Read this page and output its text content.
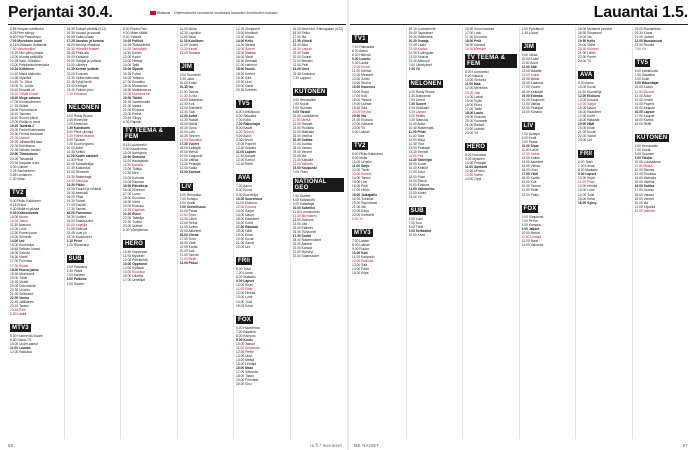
Perjantai 30.4.	Elokuva Ohjelmatiedot seuraavat muutoksia kanavien ilmoitusten mukaan
5.55 Kimpan vahtikoira
6.25 Pien sämpy
6.50 Peik Pannotopu
7.00 Myvoksen kunti
8.15 Kotikkaan vinttiaivät
7.30 Vahvintelijat
10.24 Niin pitiin piiristä
12.00 Munaa peltisilllä
12.35 Sala. Julkaistu
12.00 Pelinlaskurimiesjoita
12.24 Keltainen
14.10 Mistä hätkinkin
14.35 Mystiikä
14.40 Tv: Ottot
15.00 Tv: Juhlat
15.40 Roskatt oli
16.10 Tähtiä hinnat
16.40 Mega satama
17.00 Kuusisoiminen
17.15 Etiikat
18.00 Parhaimmat
18.10 Talvinen
18.40 Suuret päivä
19.00 Etelän ei anna
19.20 Tavaraa 2
20.00 Parkett tahmaava
20.30 Prinssi kuukausi
21.00 Uutiset
21.20 Jahatanillä tasa
22.00 Enträssina
22.35 Naisten tahato
22.50 Tilastoinnin
23.00 Taivaantä
23.30 Karjalan mies
0.00 Uutiset
0.25 Sankarivero
0.55 Luolainen
1.30 Villan
TV2

6.00 Pikku Kakkonen
8.15 Erkko
9.00 Mulla ei jaksaa
9.30 Kokoontumis
10.00 Kuoro
10.30 Jakso
11.30 Avaruus
12.00 Lumi
12.30 Pienet junat
13.00 Sienetär
14.00 Uni
15.00 Kunhanpa
15.45 Retkien kamut
16.00 Kalvuut
16.30 Viteät
17.00 Ponnista
17.30 Kissat
18.00 Huono jakso
18.30 Minivinssit
19.00 Tiede
19.30 Viestit
20.00 Dokumentti
20.30 Urheilu
21.00 Seikkailut
22.00 Vanha
22.45 Jättiläinen
23.10 Tanssi
23.45 Pelit
0.30 Laulut
MTV3

6.00 Huomenta Suomi
9.30 Ostos-TV
10.00 Uudet aamut
11.00 Lounas
12.00 Rakkaus
15.30 Sukset vähtäät (K12)
16.30 Housut ja vauvat
16.55 Kaikki ollaan
17.25 Jaostuu ja kotona
18.00 Mennyt maailma
18.30 Hämeen teatteri
18.45 Pinta-ala
19.00 Kahdesti
20.00 Tutkijat ja ystävät
21.00 Lähetys
21.30 Kerran ystävät
22.00 Ennusta
22.30 Seitsemäntoista
22.45 Tyhjä tontti
23.00 Kertojat
23.40 Poikien järvi
0.10 Kanavan
NELONEN

6.00 Rosty Ruoks
6.45 Riverside
7.00 Amerikan
7.30 Koiratoimi
8.00 Pieni siivoaja
8.30 Vihreä asema
9.00 Taivaan
9.30 Suuri leipomo
10.00 Autot
10.30 Keittiö
11.00 Kodin sankarit
11.30 Pihat
12.00 Talotaiteilijat
12.30 Katsastus
13.00 Remontti
13.30 Rakentajat
14.00 Sisustus
14.30 Pikku
15.00 Kauniit ja rohkeat
15.30 Ammatti
16.00 Pihat
16.30 Tuliset
17.00 Etsivät
17.30 Tarinat
18.00 Paremmin
18.30 Uutiset
19.00 Salaisuudet
20.00 Kirjailija
21.00 Elokuva
22.45 Uusi yö
23.15 Kadonneet
0.10 Pelot
1.00 Rikosvarjo
SUB

6.00 Kissakuu
6.30 Päivä
7.00 Aarteen
8.00 Palkinto
9.00 Saaren
8.30 Pukko Pelo
9.00 Miten täältä
9.30 Ystäviä
10.00 Poliisit
10.30 Turkiskenttä
11.00 Tarinatyttö
11.30 Kahvio
12.00 Kodin
13.00 Hoitaja
14.00 Tyttö
15.00 Sijainti
15.30 Poliisi
16.00 Tutkaus
17.00 Ennakko
18.00 Maanmies
18.30 Matkanseura
19.00 Nukkavierut
20.00 Tähtiä
20.30 Vasemmalla
21.00 Vaaka
22.00 Elokuva
23.00 Pelinä
23.45 Väsyy
0.30 Rajoitin
TV TEEMA & FEM

8.15 Luontoretki
9.00 Kasviheimo
10.00 Aamujuna
10.30 Sinfonia
11.00 Hautajaiset
11.30 Kahvila
12.00 Tutkija
12.30 Meri
13.00 Kotimaa
14.00 Rauhaa
15.00 Päiväkirja
16.00 Kiireinen
17.00 Lumo
18.00 Kuuluisa
18.30 Virret
19.00 Elokuva
20.30 Ohjelma
21.00 Runo
22.00 Taiteilija
22.30 Tuokio
23.00 Uutiset
0.00 Yöohjelmaa
HERO

10.40 Hoppeaan
11.00 Mysteeri
12.00 Pelinkehät
13.00 Oppitunti
14.00 Kylässä
15.00 Kuuluisa
16.00 Liiketila
17.00 Urheilijat
10.00 Mulla
10.30 Lapsikin
11.00 Siinä
11.30 Kuollinen
12.00 Uniset
12.30 Kevät
13.00 Ruoska
JIM

9.00 Suomiset
9.30 Jalat
10.00 Kokki
10.30 Iso
11.00 Tarinat
11.30 Juhlia
12.00 Maaseutu
12.30 Koti
13.00 Arkkitehti
13.30 Sää
14.00 Autot
14.30 Raidat
15.00 Mökki
15.30 Opus
16.00 Lohi
16.30 Sininen
17.00 Rannalla
17.30 Vuoret
18.00 Keittäjät
19.00 Metsä
20.00 Kaupunki
21.00 Valtias
21.30 Pelaajat
22.00 Kadut
23.00 Kanava
LIV

6.00 Rempalla
7.00 Kotiapu
8.00 Kodin
9.00 Onnellisuus
10.00 Paras
11.00 Sisar
12.00 Lähiö
13.00 Heinä
14.00 Kolme
15.00 Askeleet
16.00 Vieras
17.00 Ovet
18.00 Värit
19.00 Kartta
20.00 Koti
21.00 Tarinat
22.00 Reitit
23.00 Paluu
12.25 Simpsonit
13.00 Moottorit
13.30 Viikon
14.00 Kello
14.30 Metsät
15.00 Soturit
15.30 Mainos
16.00 Virrat
16.30 Ammatit
17.00 Hahmot
18.00 Huuto
18.30 Kerhot
19.00 Sää
19.30 Uusi
20.00 Vaihe
20.30 Kohteet
TV5

6.00 Leikkikoulu
6.30 Satuaika
7.00 Kokit
7.30 Rakentajat
8.00 Kasvit
8.30 Siivous
9.00 Autot
9.30 Hirviöt
10.00 Paperit
10.30 Kirjasto
11.00 Lapset
11.30 Kaupat
12.00 Karhut
12.30 Reitti
AVA

7.00 Aamu
8.00 Kuvat
9.00 Kuuntelija
10.00 Suurennus
11.00 Elokuva
12.00 Kokous
13.00 Sarjat
14.00 Nauru
15.00 Raakileet
16.00 Kortit
17.00 Rakkaat
18.00 Häät
19.00 Kisat
20.00 Kuvat
21.00 Sanat
22.00 Uni
FRII

6.00 Toivo
7.00 Lomat
8.00 Matkailu
9.00 Lapset
10.00 Kirjat
11.00 Pihat
12.00 Hiekka
13.00 Lumi
14.00 Tuuli
15.00 Kesä
FOX

6.00 Huomenna
7.00 Iltapäivä
8.00 Kampus
9.00 Koulu
10.00 Jaksot
11.00 Simpsonit
12.00 Perhe
13.00 Uusi
14.00 Metsä
15.00 Lentäjä
16.00 Maat
17.00 Valvonta
18.00 Tilaus
19.00 Perinteet
20.00 Sivu
16.00 Next Idol: Erikoisjakso (K12)
16.30 Pelko
17.00 Ilta
17.30 Vihreä
18.00 Aika
18.30 Lapset
19.00 Salat
20.00 Suuret
21.00 Mestari
22.00 Pelit
23.00 Unet
23.45 Kaukana
0.30 Loppuu
KUTONEN

6.00 Herrasväki
7.00 Koirat
8.00 Suomen
9.00 Taistot
10.00 Lohikäärme
11.00 Metsä
12.00 Rannat
13.00 Ruokala
14.00 Matkalla
15.00 Vaellus
16.00 Sotilas
17.00 Juoksu
18.00 Varaus
19.00 Veneet
20.00 Ilta
21.00 Kilpailut
22.00 Vaiheet
23.00 Kaupunki
0.00 Yksin
NATIONAL GEO

7.00 Koneet
8.00 Katastrofit
9.00 Kalastajat
10.00 Sukellus
11.00 Lentokoneet
12.00 Muinainen
13.00 Avaruus
14.00 Jää
15.00 Eläimet
16.00 Tulivuoret
17.00 Sodat
18.00 Rakennukset
19.00 Aarteet
20.00 Kansat
21.00 Myrskyt
22.00 Salaisuudet
56	is.fi / menaiset
Lauantai 1.5.
TV1

7.10 Rakkautta
8.00 Aamu
8.30 Historia
9.00 Luonto
9.30 Laulut
10.00 Kuvat
11.00 Kiertue
12.00 Mestarit
13.00 Soitto
14.00 Ruoka
15.00 Kauneus
16.00 Kirjat
17.00 Koti
18.00 Tanssit
19.00 Uutiset
19.30 Sää
20.00 Seurat
20.30 Ilta
21.00 Elokuva
22.00 Katsaus
23.00 Yö
0.00 Uutiset
TV2

6.00 Pikku Kakkonen
9.00 Mulla
10.00 Urheilu
11.00 Sarja
12.00 Tiede
13.00 Kokeet
14.00 Tanssi
15.00 Live
16.00 Pelit
17.00 Hiihto
18.00 Jalkapallo
19.00 Tulokset
20.00 Reportaasi
21.00 Ilta
22.00 Sarja
23.00 Konsertti
0.00 Yö
MTV3

7.00 Lasten
8.00 Uutiset
9.00 Ruoka
10.00 Koti
11.00 Kaupunki
12.00 Elokuva
13.00 Sää
14.00 Palat
15.00 Kilpa
19.10 Luoksemme
19.40 Tapaukset
20.00 Halkeama
20.30 Osaaja
21.00 Laatu
22.00 Karhut
22.30 Kuningatar
23.00 Seurue
23.30 Aamuyö
0.00 Lähetykset
0.30 Yö
NELONEN

6.00 Rosty Ruoks
6.30 Aukeamat
7.00 Linnut
7.30 Suuret
8.00 Seikkailu
8.30 Lapset
9.00 Keittiö
9.30 Sisustus
10.00 Autot
10.30 Rakentajat
11.00 Pihat
11.30 Talot
12.00 Maja
12.30 Tilat
13.00 Pelaajat
13.30 Ihmiset
14.00 Peli
14.30 Taiteilijat
15.00 Kuvat
16.00 Keittiöt
17.00 Jutut
18.00 Pidot
19.00 Etsivä
20.00 Elokuva
21.00 Vaihtoehto
22.00 Kadut
23.00 Yö
SUB

6.00 Lumi
7.00 Kuu
8.00 Tähti
9.00 Seikkailut
10.00 Kivet
16.30 Sinun kanssa
17.00 Lintu
17.30 Kuuluisa
18.00 Pelit
18.30 Kanava
19.00 Mestarit
TV TEEMA & FEM

8.00 Luontoretki
9.00 Ikkunat
10.00 Sinfonia
11.00 Maa
12.00 Merimies
13.00 Joki
14.00 Laivat
15.00 Kylät
16.00 Runo
17.00 Taide
18.00 Laulu
19.00 Elokuva
20.00 Konsertti
21.00 Balladi
22.00 Uutiset
23.00 Yö
HERO

8.00 Kuuluisat
9.00 Mysteeri
10.00 Pelaajat
11.00 Sankarit
12.00 Urheilu
13.00 Vaihto
14.00 Oppi
1.00 Pyörätuoli
1.45 Luolat
JIM

9.00 Liikaa
10.00 Kokki
11.00 Autot
12.00 Sää
13.00 Maatila
14.00 Koirat
15.00 Mökki
16.00 Kalastus
17.00 Vuoret
18.00 Keittäjät
19.00 Erämaa
20.00 Kaupunki
21.00 Valtias
22.00 Pelaajat
23.00 Kanava
LIV

7.00 Kotiapu
8.00 Kodit
9.00 Paras
10.00 Sisar
11.00 Lähiö
12.00 Heinä
13.00 Kolme
14.00 Askeleet
15.00 Vieras
16.00 Ovet
17.00 Värit
18.00 Kartta
19.00 Koti
20.00 Tarinat
21.00 Reitit
22.00 Paluu
FOX

6.00 Simpsonit
7.00 Perhe
8.00 Kampus
9.00 Jaksot
10.00 Metsä
11.00 Lentäjä
12.00 Maat
13.00 Valvonta
18.00 Modernit perheet
18.30 Simpsonit
19.00 Ilta
19.30 Kello
20.00 Vaihe
20.30 Kohteet
21.00 Lähtö
22.00 Perhe
23.00 Yö
AVA

9.00 Aamu
10.00 Kuvat
11.00 Kuuntelija
12.00 Elokuva
13.00 Kokous
14.00 Sarjat
15.00 Nauru
16.00 Raakileet
17.00 Kortit
18.00 Rakkaat
19.00 Häät
20.00 Kisat
21.00 Kuvat
22.00 Sanat
23.00 Uni
FRII

6.00 Toivo
7.00 Lomat
8.00 Matkailu
9.00 Lapset
10.00 Kirjat
11.00 Pihat
12.00 Hiekka
13.00 Lumi
14.00 Tuuli
15.00 Kesä
16.00 Syksy
20.00 Rauhallinen
20.30 Kuvat
21.00 Uutiset
22.00 Muotokuvat
23.00 Ruudut
0.00 Yö
TV5

6.00 Leikkikoulu
7.00 Satuaika
8.00 Kokit
9.00 Rakentajat
10.00 Kasvit
11.00 Siivous
12.00 Autot
13.00 Hirviöt
14.00 Paperit
15.00 Kirjasto
16.00 Lapset
17.00 Kaupat
18.00 Karhut
19.00 Reitti
KUTONEN

6.00 Herrasväki
7.00 Koirat
8.00 Suomen
9.00 Taistot
10.00 Lohikäärme
11.00 Metsä
12.00 Rannat
13.00 Ruokala
14.00 Matkalla
15.00 Vaellus
16.00 Sotilas
17.00 Juoksu
18.00 Varaus
19.00 Veneet
20.00 Ilta
21.00 Kilpailut
22.00 Vaiheet
57
ME NAISET
